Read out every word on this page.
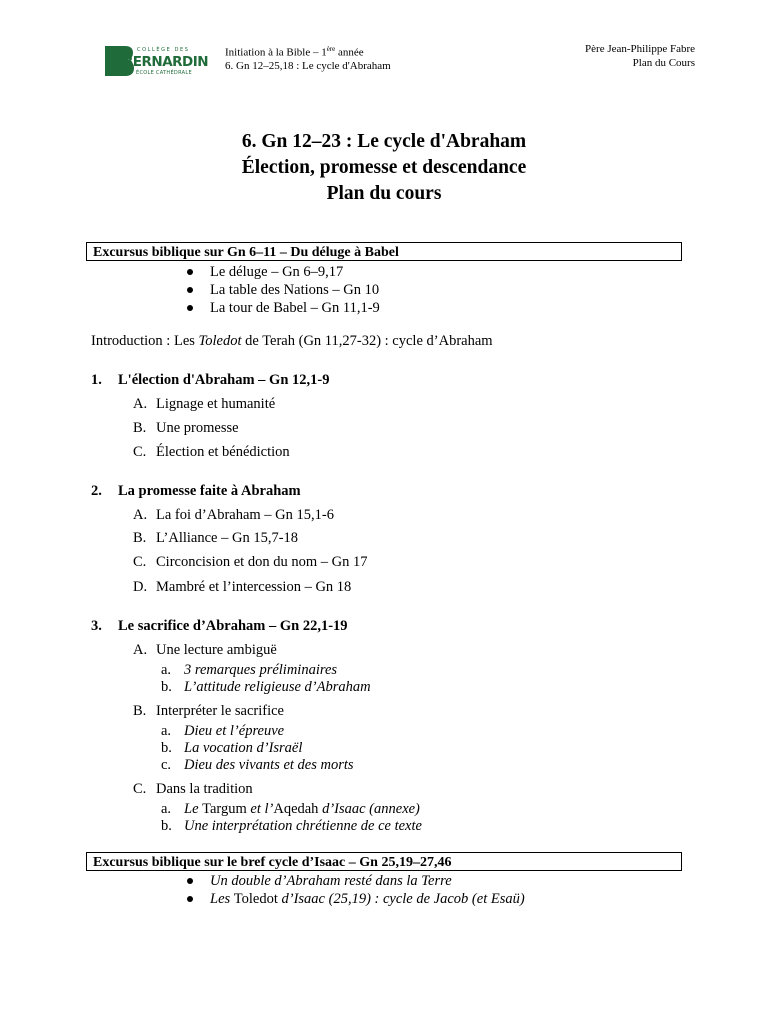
COLLÈGE DES
BERNARDINS
ÉCOLE CATHÉDRALE
Initiation à la Bible – 1ère année
6. Gn 12–25,18 : Le cycle d'Abraham
Père Jean-Philippe Fabre
Plan du Cours
6. Gn 12–23 : Le cycle d'Abraham
Élection, promesse et descendance
Plan du cours
Excursus biblique sur Gn 6–11 – Du déluge à Babel
Le déluge – Gn 6–9,17
La table des Nations – Gn 10
La tour de Babel – Gn 11,1-9
Introduction : Les Toledot de Terah (Gn 11,27-32) : cycle d’Abraham
1. L'élection d'Abraham – Gn 12,1-9
A. Lignage et humanité
B. Une promesse
C. Élection et bénédiction
2. La promesse faite à Abraham
A. La foi d’Abraham – Gn 15,1-6
B. L’Alliance – Gn 15,7-18
C. Circoncision et don du nom – Gn 17
D. Mambré et l’intercession – Gn 18
3. Le sacrifice d’Abraham – Gn 22,1-19
A. Une lecture ambiguë
a. 3 remarques préliminaires
b. L’attitude religieuse d’Abraham
B. Interpréter le sacrifice
a. Dieu et l’épreuve
b. La vocation d’Israël
c. Dieu des vivants et des morts
C. Dans la tradition
a. Le Targum et l’Aqedah d’Isaac (annexe)
b. Une interprétation chrétienne de ce texte
Excursus biblique sur le bref cycle d’Isaac – Gn 25,19–27,46
Un double d’Abraham resté dans la Terre
Les Toledot d’Isaac (25,19) : cycle de Jacob (et Esaü)
